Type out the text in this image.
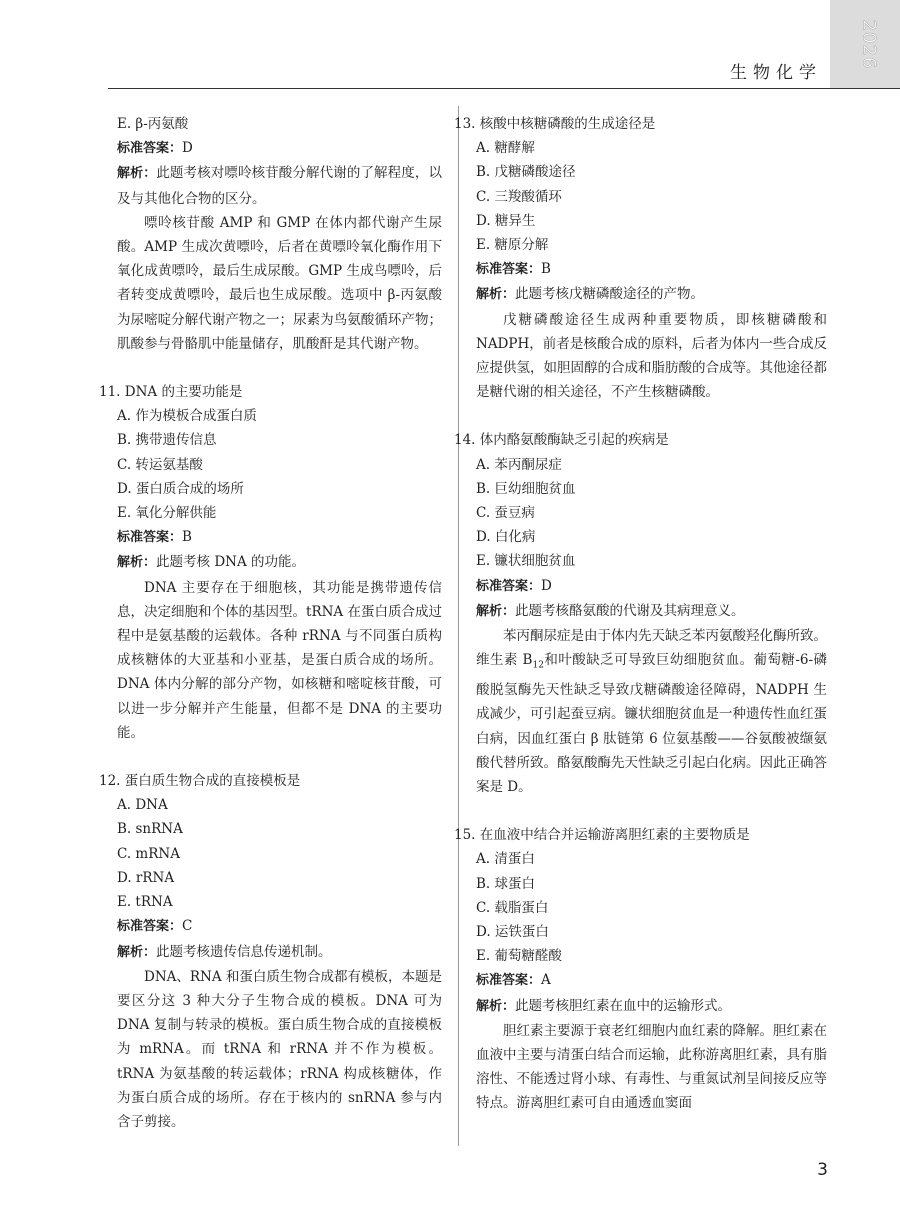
生物化学
2026
E. β-丙氨酸
标准答案：D
解析：此题考核对嘌呤核苷酸分解代谢的了解程度，以及与其他化合物的区分。
嘌呤核苷酸 AMP 和 GMP 在体内都代谢产生尿酸。AMP 生成次黄嘌呤，后者在黄嘌呤氧化酶作用下氧化成黄嘌呤，最后生成尿酸。GMP 生成鸟嘌呤，后者转变成黄嘌呤，最后也生成尿酸。选项中 β-丙氨酸为尿嘧啶分解代谢产物之一；尿素为鸟氨酸循环产物；肌酸参与骨骼肌中能量储存，肌酸酐是其代谢产物。
11. DNA 的主要功能是
A. 作为模板合成蛋白质
B. 携带遗传信息
C. 转运氨基酸
D. 蛋白质合成的场所
E. 氧化分解供能
标准答案：B
解析：此题考核 DNA 的功能。
DNA 主要存在于细胞核，其功能是携带遗传信息，决定细胞和个体的基因型。tRNA 在蛋白质合成过程中是氨基酸的运载体。各种 rRNA 与不同蛋白质构成核糖体的大亚基和小亚基，是蛋白质合成的场所。DNA 体内分解的部分产物，如核糖和嘧啶核苷酸，可以进一步分解并产生能量，但都不是 DNA 的主要功能。
12. 蛋白质生物合成的直接模板是
A. DNA
B. snRNA
C. mRNA
D. rRNA
E. tRNA
标准答案：C
解析：此题考核遗传信息传递机制。
DNA、RNA 和蛋白质生物合成都有模板，本题是要区分这 3 种大分子生物合成的模板。DNA 可为 DNA 复制与转录的模板。蛋白质生物合成的直接模板为 mRNA。而 tRNA 和 rRNA 并不作为模板。tRNA 为氨基酸的转运载体；rRNA 构成核糖体，作为蛋白质合成的场所。存在于核内的 snRNA 参与内含子剪接。
13. 核酸中核糖磷酸的生成途径是
A. 糖酵解
B. 戊糖磷酸途径
C. 三羧酸循环
D. 糖异生
E. 糖原分解
标准答案：B
解析：此题考核戊糖磷酸途径的产物。
戊糖磷酸途径生成两种重要物质，即核糖磷酸和 NADPH，前者是核酸合成的原料，后者为体内一些合成反应提供氢，如胆固醇的合成和脂肪酸的合成等。其他途径都是糖代谢的相关途径，不产生核糖磷酸。
14. 体内酪氨酸酶缺乏引起的疾病是
A. 苯丙酮尿症
B. 巨幼细胞贫血
C. 蚕豆病
D. 白化病
E. 镰状细胞贫血
标准答案：D
解析：此题考核酪氨酸的代谢及其病理意义。
苯丙酮尿症是由于体内先天缺乏苯丙氨酸羟化酶所致。维生素 $B_{12}$和叶酸缺乏可导致巨幼细胞贫血。葡萄糖-6-磷酸脱氢酶先天性缺乏导致戊糖磷酸途径障碍，NADPH 生成减少，可引起蚕豆病。镰状细胞贫血是一种遗传性血红蛋白病，因血红蛋白 β 肽链第 6 位氨基酸——谷氨酸被缬氨酸代替所致。酪氨酸酶先天性缺乏引起白化病。因此正确答案是 D。
15. 在血液中结合并运输游离胆红素的主要物质是
A. 清蛋白
B. 球蛋白
C. 载脂蛋白
D. 运铁蛋白
E. 葡萄糖醛酸
标准答案：A
解析：此题考核胆红素在血中的运输形式。
胆红素主要源于衰老红细胞内血红素的降解。胆红素在血液中主要与清蛋白结合而运输，此称游离胆红素，具有脂溶性、不能透过肾小球、有毒性、与重氮试剂呈间接反应等特点。游离胆红素可自由通透血窦面
3
